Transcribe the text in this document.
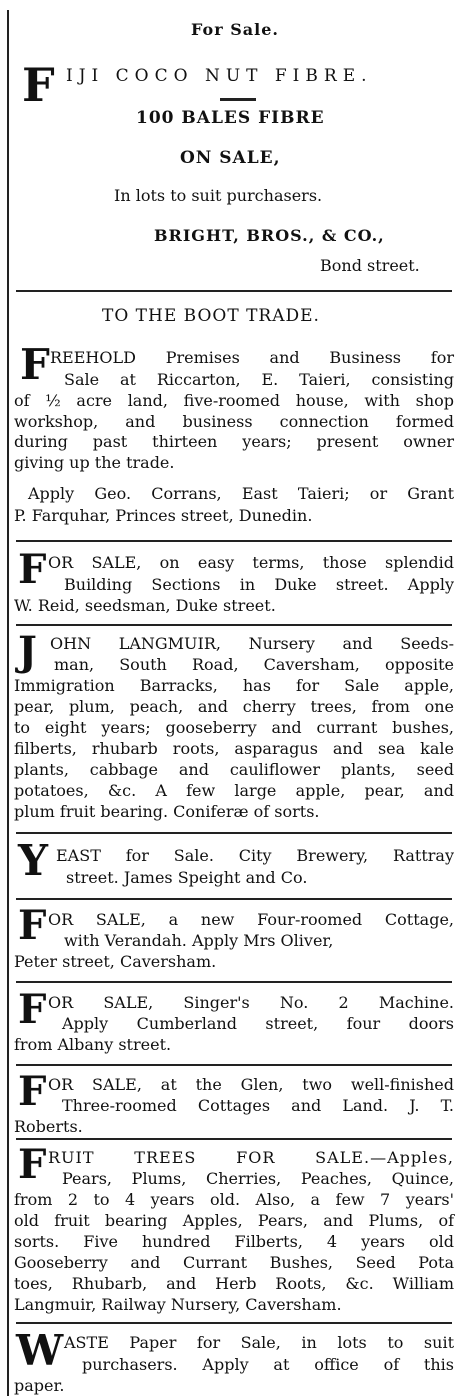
For Sale.
F IJI COCO NUT FIBRE.
100 BALES FIBRE
ON SALE,
In lots to suit purchasers.
BRIGHT, BROS., & CO.,
Bond street.
TO THE BOOT TRADE.
F REEHOLD Premises and Business for
Sale at Riccarton, E. Taieri, consisting
of ½ acre land, five-roomed house, with shop
workshop, and business connection formed
during past thirteen years; present owner
giving up the trade.
Apply Geo. Corrans, East Taieri; or Grant
P. Farquhar, Princes street, Dunedin.
F OR SALE, on easy terms, those splendid
Building Sections in Duke street. Apply
W. Reid, seedsman, Duke street.
J OHN LANGMUIR, Nursery and Seeds-
man, South Road, Caversham, opposite
Immigration Barracks, has for Sale apple,
pear, plum, peach, and cherry trees, from one
to eight years; gooseberry and currant bushes,
filberts, rhubarb roots, asparagus and sea kale
plants, cabbage and cauliflower plants, seed
potatoes, &c. A few large apple, pear, and
plum fruit bearing. Coniferæ of sorts.
Y EAST for Sale. City Brewery, Rattray
street. James Speight and Co.
F OR SALE, a new Four-roomed Cottage,
with Verandah. Apply Mrs Oliver,
Peter street, Caversham.
F OR SALE, Singer's No. 2 Machine.
Apply Cumberland street, four doors
from Albany street.
F OR SALE, at the Glen, two well-finished
Three-roomed Cottages and Land. J. T.
Roberts.
F RUIT TREES FOR SALE.—Apples,
Pears, Plums, Cherries, Peaches, Quince,
from 2 to 4 years old. Also, a few 7 years'
old fruit bearing Apples, Pears, and Plums, of
sorts. Five hundred Filberts, 4 years old
Gooseberry and Currant Bushes, Seed Pota
toes, Rhubarb, and Herb Roots, &c. William
Langmuir, Railway Nursery, Caversham.
W ASTE Paper for Sale, in lots to suit
purchasers. Apply at office of this
paper.
